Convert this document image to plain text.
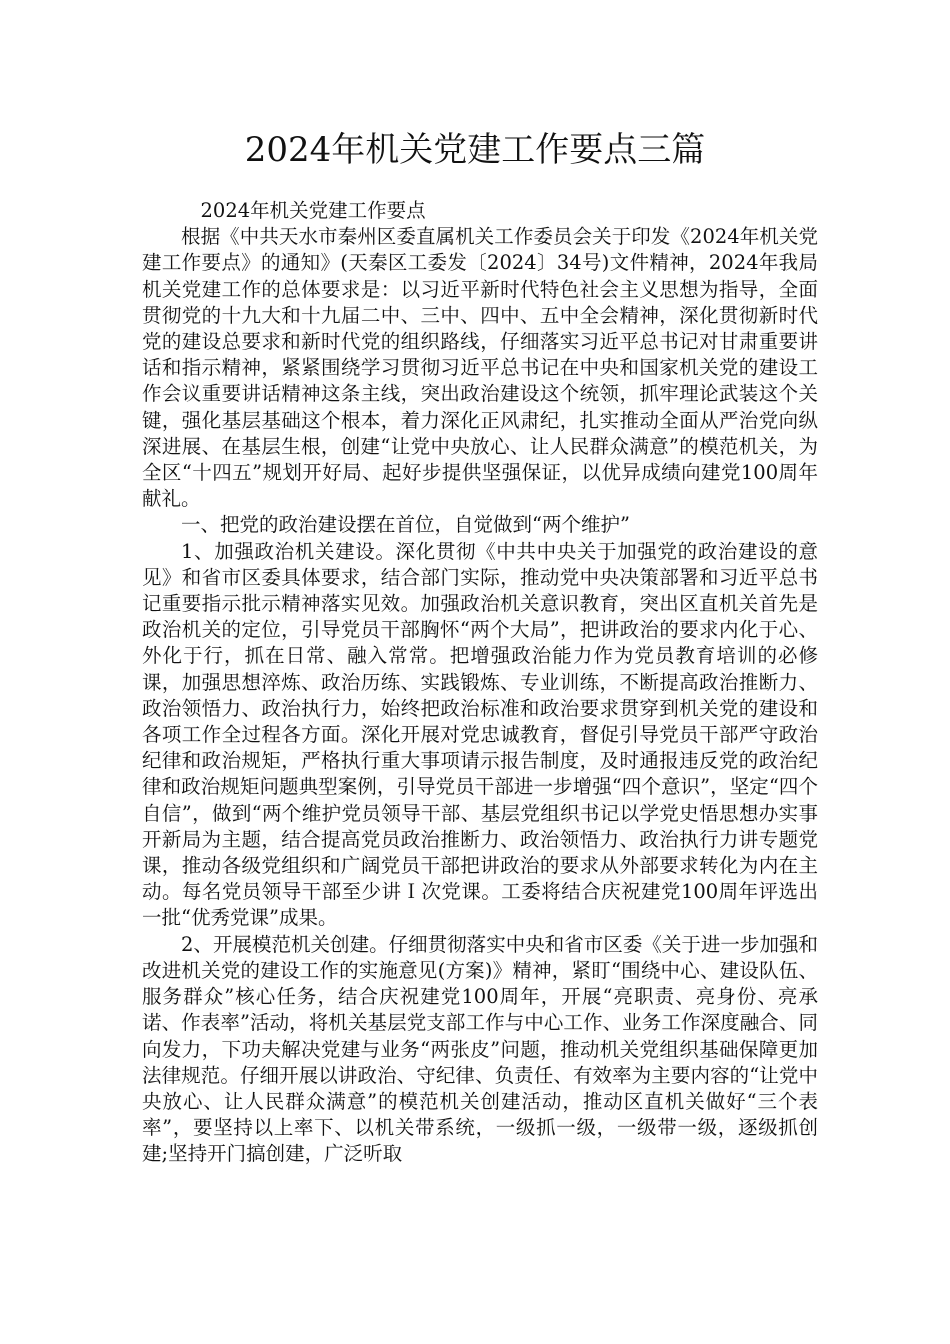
2024年机关党建工作要点三篇

2024年机关党建工作要点

根据《中共天水市秦州区委直属机关工作委员会关于印发《2024年机关党建工作要点》的通知》(天秦区工委发〔2024〕34号)文件精神，2024年我局机关党建工作的总体要求是：以习近平新时代特色社会主义思想为指导，全面贯彻党的十九大和十九届二中、三中、四中、五中全会精神，深化贯彻新时代党的建设总要求和新时代党的组织路线，仔细落实习近平总书记对甘肃重要讲话和指示精神，紧紧围绕学习贯彻习近平总书记在中央和国家机关党的建设工作会议重要讲话精神这条主线，突出政治建设这个统领，抓牢理论武装这个关键，强化基层基础这个根本，着力深化正风肃纪，扎实推动全面从严治党向纵深进展、在基层生根，创建“让党中央放心、让人民群众满意”的模范机关，为全区“十四五”规划开好局、起好步提供坚强保证，以优异成绩向建党100周年献礼。

一、把党的政治建设摆在首位，自觉做到“两个维护”

1、加强政治机关建设。深化贯彻《中共中央关于加强党的政治建设的意见》和省市区委具体要求，结合部门实际，推动党中央决策部署和习近平总书记重要指示批示精神落实见效。加强政治机关意识教育，突出区直机关首先是政治机关的定位，引导党员干部胸怀“两个大局”，把讲政治的要求内化于心、外化于行，抓在日常、融入常常。把增强政治能力作为党员教育培训的必修课，加强思想淬炼、政治历练、实践锻炼、专业训练，不断提高政治推断力、政治领悟力、政治执行力，始终把政治标准和政治要求贯穿到机关党的建设和各项工作全过程各方面。深化开展对党忠诚教育，督促引导党员干部严守政治纪律和政治规矩，严格执行重大事项请示报告制度，及时通报违反党的政治纪律和政治规矩问题典型案例，引导党员干部进一步增强“四个意识”，坚定“四个自信”，做到“两个维护党员领导干部、基层党组织书记以学党史悟思想办实事开新局为主题，结合提高党员政治推断力、政治领悟力、政治执行力讲专题党课，推动各级党组织和广阔党员干部把讲政治的要求从外部要求转化为内在主动。每名党员领导干部至少讲Ｉ次党课。工委将结合庆祝建党100周年评选出一批“优秀党课”成果。

2、开展模范机关创建。仔细贯彻落实中央和省市区委《关于进一步加强和改进机关党的建设工作的实施意见(方案)》精神，紧盯“围绕中心、建设队伍、服务群众”核心任务，结合庆祝建党100周年，开展“亮职责、亮身份、亮承诺、作表率”活动，将机关基层党支部工作与中心工作、业务工作深度融合、同向发力，下功夫解决党建与业务“两张皮”问题，推动机关党组织基础保障更加法律规范。仔细开展以讲政治、守纪律、负责任、有效率为主要内容的“让党中央放心、让人民群众满意”的模范机关创建活动，推动区直机关做好“三个表率”，要坚持以上率下、以机关带系统，一级抓一级，一级带一级，逐级抓创建;坚持开门搞创建，广泛听取
